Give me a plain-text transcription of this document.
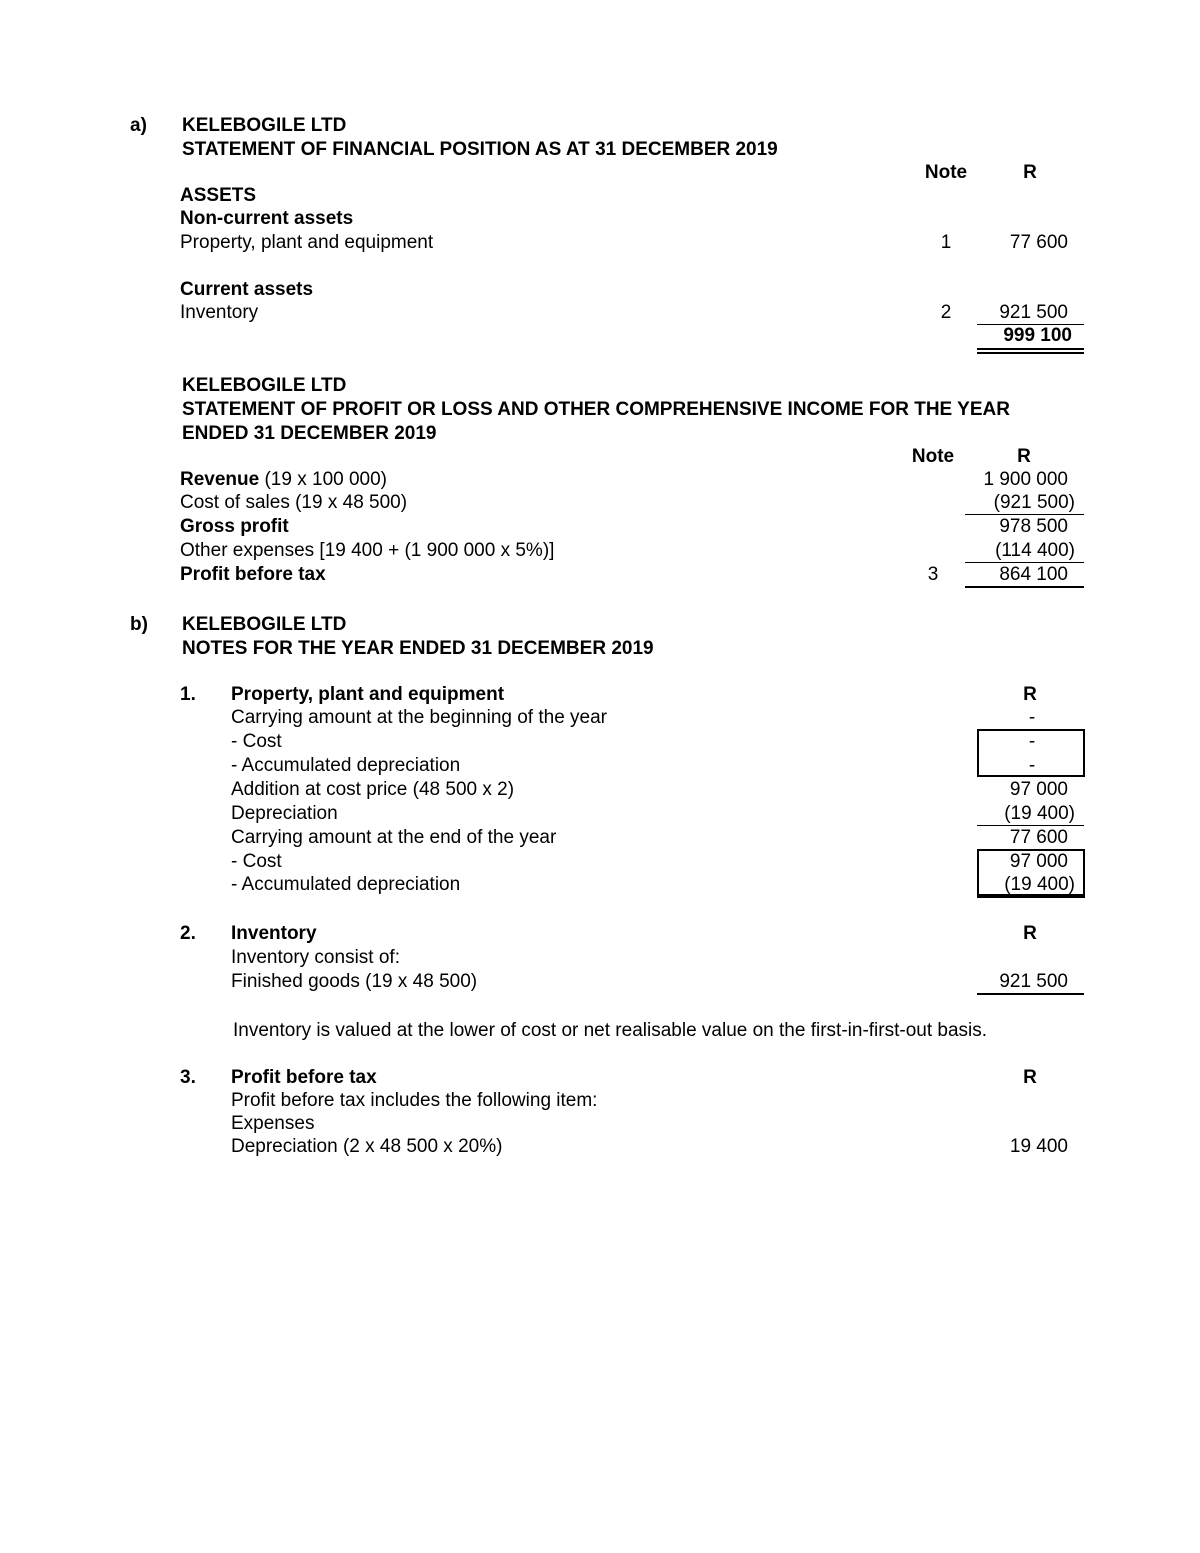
a) KELEBOGILE LTD
STATEMENT OF FINANCIAL POSITION AS AT 31 DECEMBER 2019
Note	R
ASSETS
Non-current assets
Property, plant and equipment	1	77 600
Current assets
Inventory	2	921 500
999 100
KELEBOGILE LTD
STATEMENT OF PROFIT OR LOSS AND OTHER COMPREHENSIVE INCOME FOR THE YEAR
ENDED 31 DECEMBER 2019
Note	R
Revenue (19 x 100 000)	1 900 000
Cost of sales (19 x 48 500)	(921 500)
Gross profit	978 500
Other expenses [19 400 + (1 900 000 x 5%)]	(114 400)
Profit before tax	3	864 100
b) KELEBOGILE LTD
NOTES FOR THE YEAR ENDED 31 DECEMBER 2019
1. Property, plant and equipment	R
Carrying amount at the beginning of the year	-
- Cost	-
- Accumulated depreciation	-
Addition at cost price (48 500 x 2)	97 000
Depreciation	(19 400)
Carrying amount at the end of the year	77 600
- Cost	97 000
- Accumulated depreciation	(19 400)
2. Inventory	R
Inventory consist of:
Finished goods (19 x 48 500)	921 500
Inventory is valued at the lower of cost or net realisable value on the first-in-first-out basis.
3. Profit before tax	R
Profit before tax includes the following item:
Expenses
Depreciation (2 x 48 500 x 20%)	19 400
